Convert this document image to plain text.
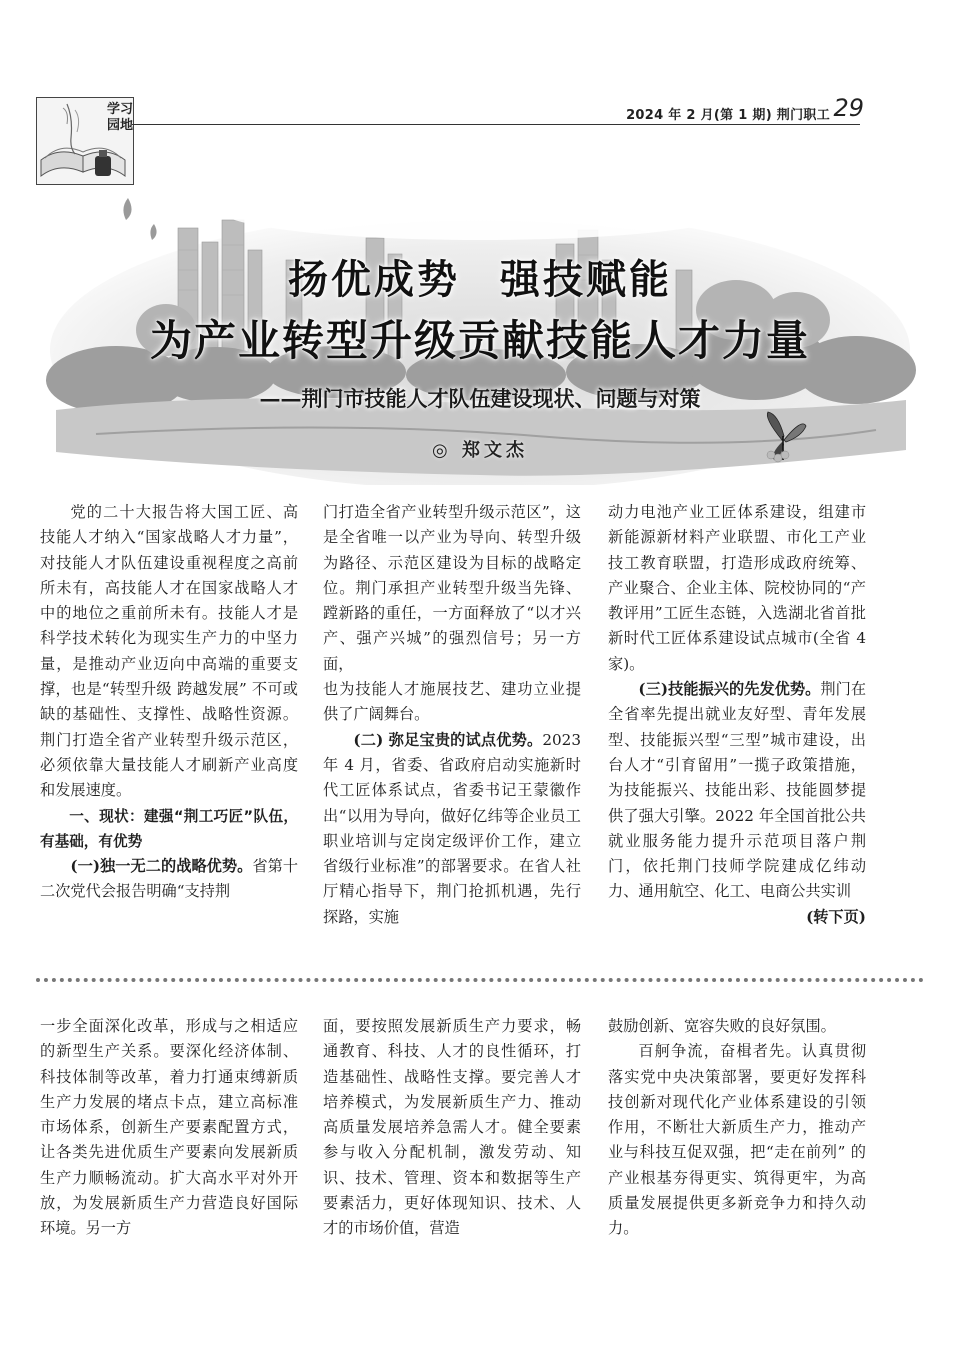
学习园地
2024 年 2 月(第 1 期) 荆门职工 29
扬优成势 强技赋能
为产业转型升级贡献技能人才力量
——荆门市技能人才队伍建设现状、问题与对策
◎ 郑文杰

党的二十大报告将大国工匠、高技能人才纳入“国家战略人才力量”，对技能人才队伍建设重视程度之高前所未有，高技能人才在国家战略人才中的地位之重前所未有。技能人才是科学技术转化为现实生产力的中坚力量，是推动产业迈向中高端的重要支撑，也是“转型升级 跨越发展” 不可或缺的基础性、支撑性、战略性资源。荆门打造全省产业转型升级示范区，必须依靠大量技能人才刷新产业高度和发展速度。

一、现状：建强“荆工巧匠”队伍，有基础，有优势

(一)独一无二的战略优势。省第十二次党代会报告明确“支持荆

门打造全省产业转型升级示范区”，这是全省唯一以产业为导向、转型升级为路径、示范区建设为目标的战略定位。荆门承担产业转型升级当先锋、蹚新路的重任，一方面释放了“以才兴产、强产兴城”的强烈信号；另一方面，

也为技能人才施展技艺、建功立业提供了广阔舞台。

(二) 弥足宝贵的试点优势。2023 年 4 月，省委、省政府启动实施新时代工匠体系试点，省委书记王蒙徽作出“以用为导向，做好亿纬等企业员工职业培训与定岗定级评价工作，建立省级行业标准”的部署要求。在省人社厅精心指导下，荆门抢抓机遇，先行探路，实施

动力电池产业工匠体系建设，组建市新能源新材料产业联盟、市化工产业技工教育联盟，打造形成政府统筹、产业聚合、企业主体、院校协同的“产教评用”工匠生态链，入选湖北省首批新时代工匠体系建设试点城市(全省 4 家)。

(三)技能振兴的先发优势。荆门在全省率先提出就业友好型、青年发展型、技能振兴型“三型”城市建设，出台人才“引育留用”一揽子政策措施，为技能振兴、技能出彩、技能圆梦提供了强大引擎。2022 年全国首批公共就业服务能力提升示范项目落户荆门，依托荆门技师学院建成亿纬动力、通用航空、化工、电商公共实训
(转下页)

一步全面深化改革，形成与之相适应的新型生产关系。要深化经济体制、科技体制等改革，着力打通束缚新质生产力发展的堵点卡点，建立高标准市场体系，创新生产要素配置方式，让各类先进优质生产要素向发展新质生产力顺畅流动。扩大高水平对外开放，为发展新质生产力营造良好国际环境。另一方

面，要按照发展新质生产力要求，畅通教育、科技、人才的良性循环，打造基础性、战略性支撑。要完善人才培养模式，为发展新质生产力、推动高质量发展培养急需人才。健全要素参与收入分配机制，激发劳动、知识、技术、管理、资本和数据等生产要素活力，更好体现知识、技术、人才的市场价值，营造

鼓励创新、宽容失败的良好氛围。

百舸争流，奋楫者先。认真贯彻落实党中央决策部署，要更好发挥科技创新对现代化产业体系建设的引领作用，不断壮大新质生产力，推动产业与科技互促双强，把“走在前列” 的产业根基夯得更实、筑得更牢，为高质量发展提供更多新竞争力和持久动力。
